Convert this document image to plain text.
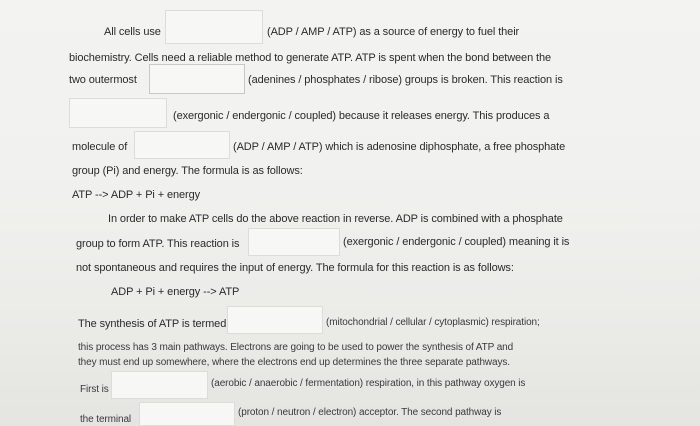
All cells use	(ADP / AMP / ATP) as a source of energy to fuel their
biochemistry. Cells need a reliable method to generate ATP. ATP is spent when the bond between the
two outermost	(adenines / phosphates / ribose) groups is broken. This reaction is
(exergonic / endergonic / coupled) because it releases energy. This produces a
molecule of	(ADP / AMP / ATP) which is adenosine diphosphate, a free phosphate
group (Pi) and energy. The formula is as follows:
ATP --> ADP + Pi + energy
In order to make ATP cells do the above reaction in reverse. ADP is combined with a phosphate
group to form ATP. This reaction is	(exergonic / endergonic / coupled) meaning it is
not spontaneous and requires the input of energy. The formula for this reaction is as follows:
ADP + Pi + energy --> ATP
The synthesis of ATP is termed	(mitochondrial / cellular / cytoplasmic) respiration;
this process has 3 main pathways. Electrons are going to be used to power the synthesis of ATP and
they must end up somewhere, where the electrons end up determines the three separate pathways.
First is
(aerobic / anaerobic / fermentation) respiration, in this pathway oxygen is
the terminal
(proton / neutron / electron) acceptor. The second pathway is
